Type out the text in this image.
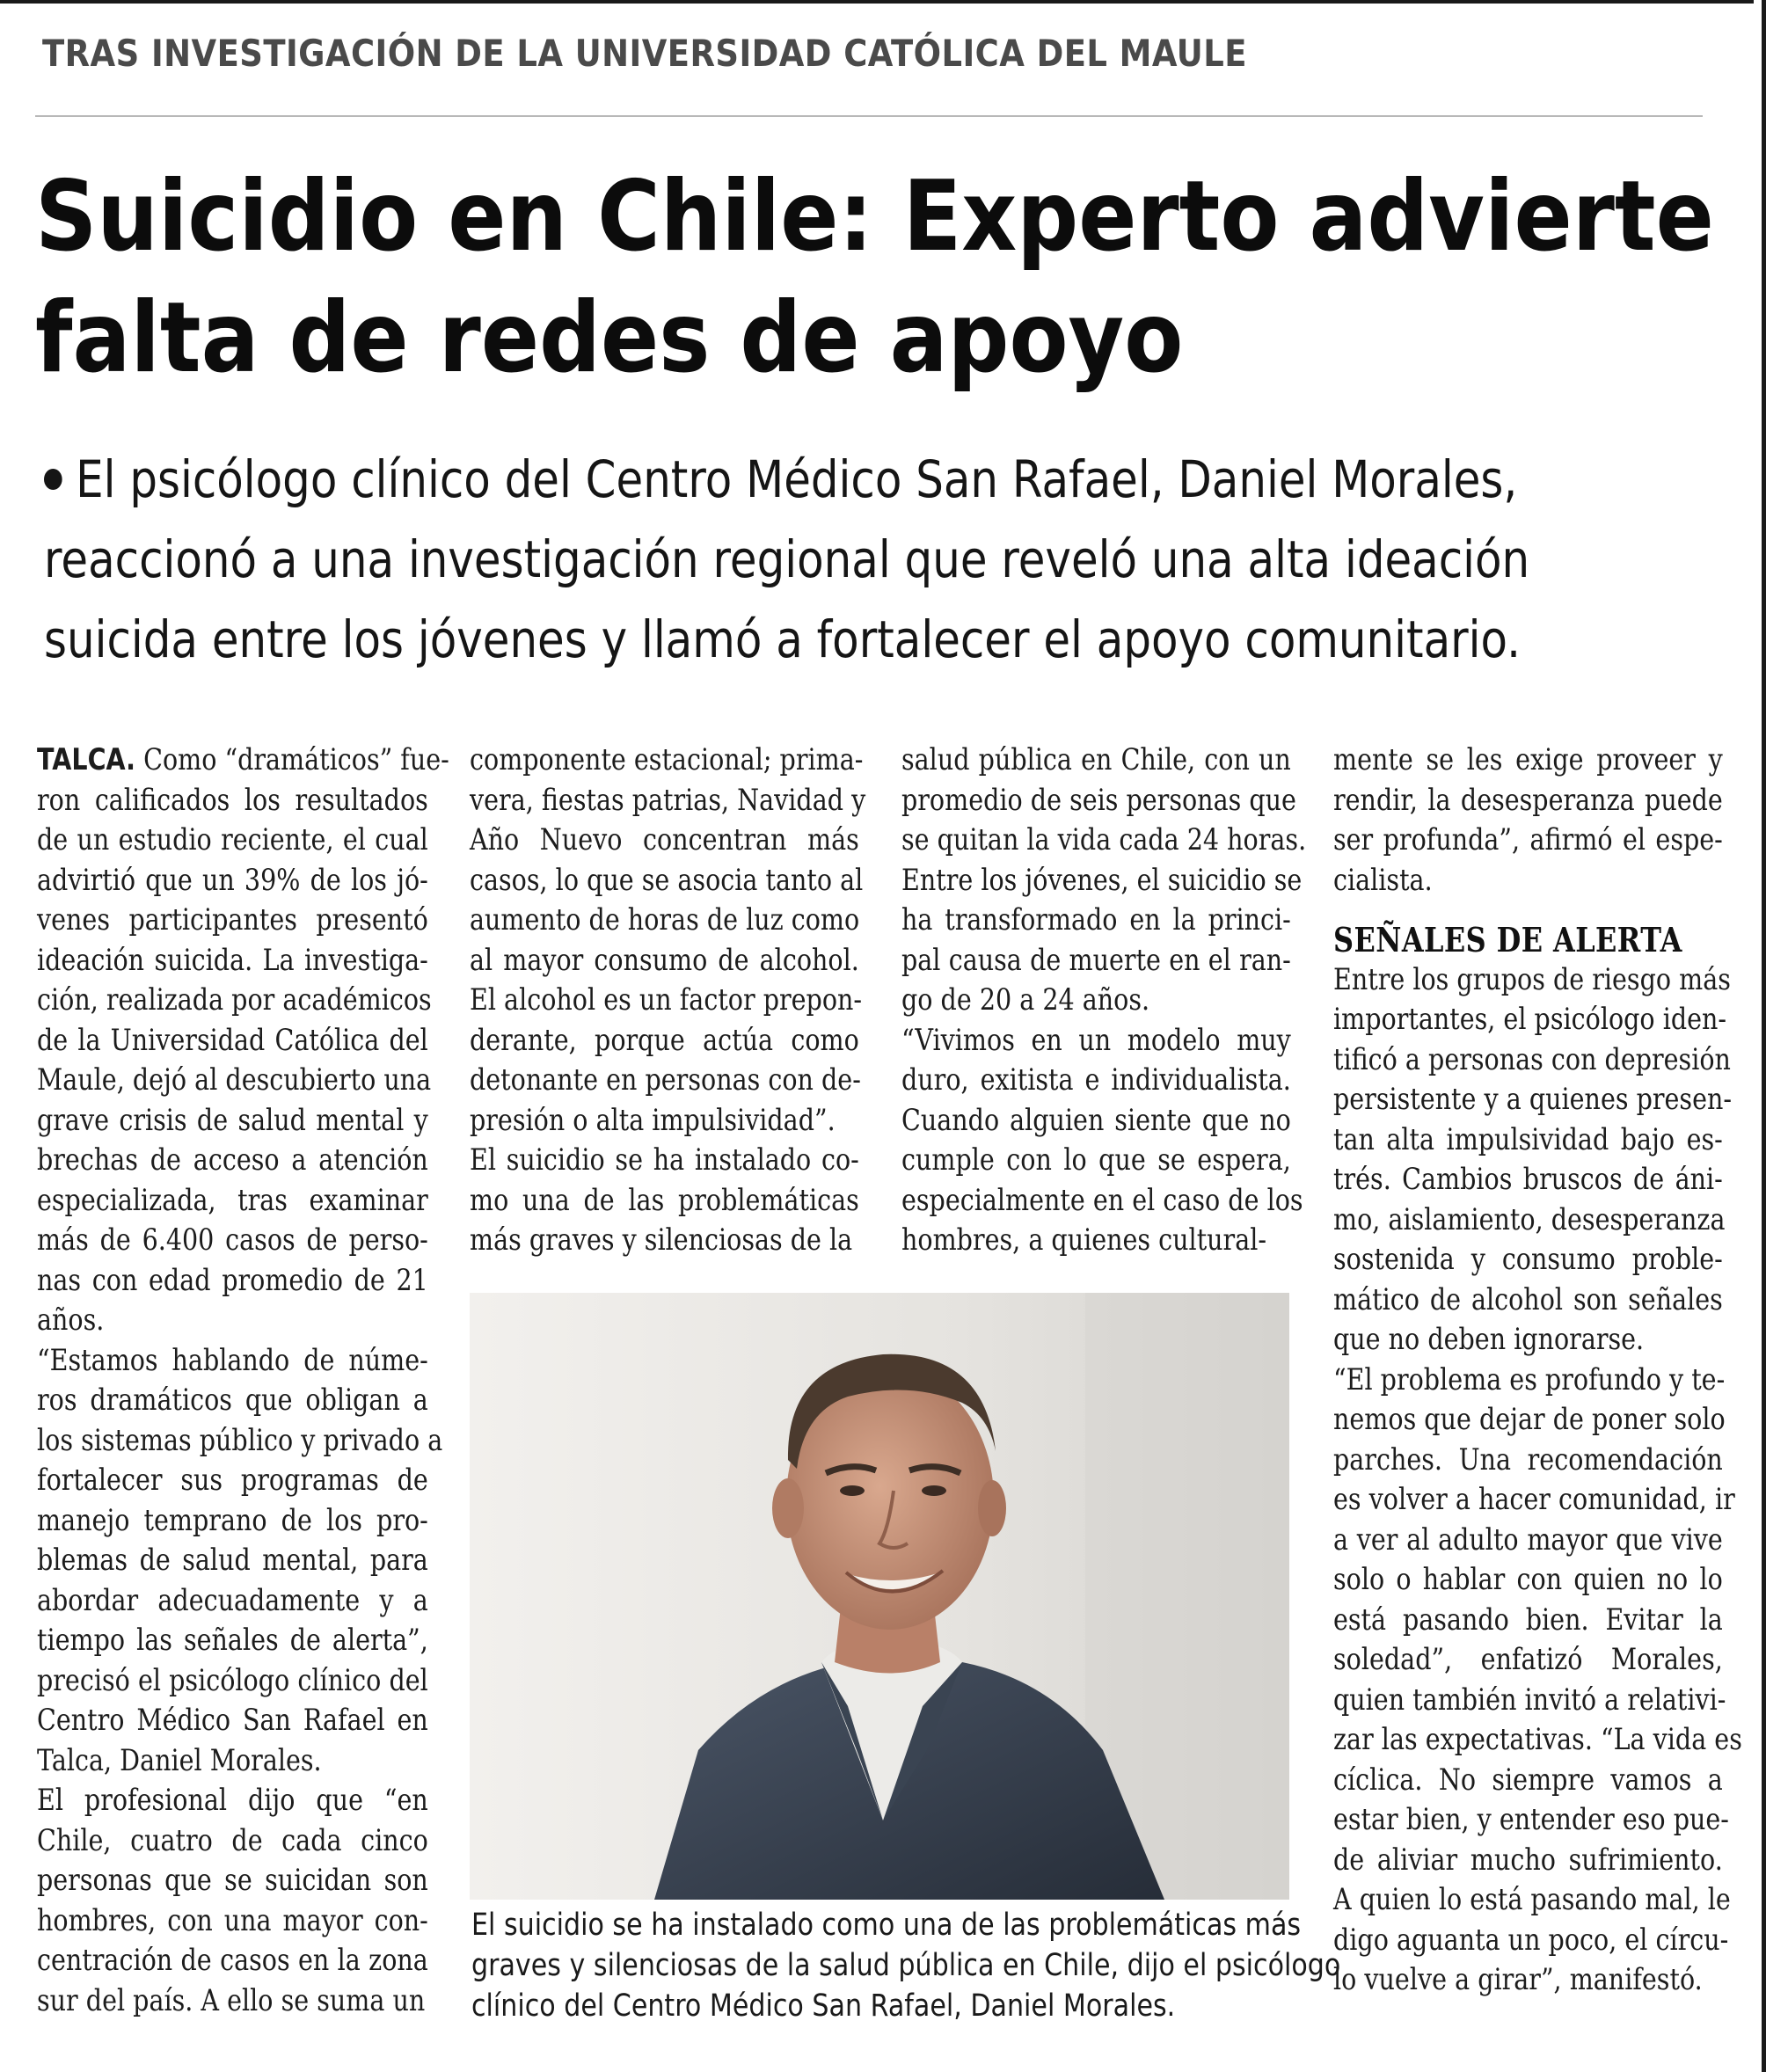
TRAS INVESTIGACIÓN DE LA UNIVERSIDAD CATÓLICA DEL MAULE
Suicidio en Chile: Experto advierte
falta de redes de apoyo
El psicólogo clínico del Centro Médico San Rafael, Daniel Morales,
reaccionó a una investigación regional que reveló una alta ideación
suicida entre los jóvenes y llamó a fortalecer el apoyo comunitario.
TALCA. Como “dramáticos” fue-
ron calificados los resultados
de un estudio reciente, el cual
advirtió que un 39% de los jó-
venes participantes presentó
ideación suicida. La investiga-
ción, realizada por académicos
de la Universidad Católica del
Maule, dejó al descubierto una
grave crisis de salud mental y
brechas de acceso a atención
especializada, tras examinar
más de 6.400 casos de perso-
nas con edad promedio de 21
años.
“Estamos hablando de núme-
ros dramáticos que obligan a
los sistemas público y privado a
fortalecer sus programas de
manejo temprano de los pro-
blemas de salud mental, para
abordar adecuadamente y a
tiempo las señales de alerta”,
precisó el psicólogo clínico del
Centro Médico San Rafael en
Talca, Daniel Morales.
El profesional dijo que “en
Chile, cuatro de cada cinco
personas que se suicidan son
hombres, con una mayor con-
centración de casos en la zona
sur del país. A ello se suma un
componente estacional; prima-
vera, fiestas patrias, Navidad y
Año Nuevo concentran más
casos, lo que se asocia tanto al
aumento de horas de luz como
al mayor consumo de alcohol.
El alcohol es un factor prepon-
derante, porque actúa como
detonante en personas con de-
presión o alta impulsividad”.
El suicidio se ha instalado co-
mo una de las problemáticas
más graves y silenciosas de la
salud pública en Chile, con un
promedio de seis personas que
se quitan la vida cada 24 horas.
Entre los jóvenes, el suicidio se
ha transformado en la princi-
pal causa de muerte en el ran-
go de 20 a 24 años.
“Vivimos en un modelo muy
duro, exitista e individualista.
Cuando alguien siente que no
cumple con lo que se espera,
especialmente en el caso de los
hombres, a quienes cultural-
mente se les exige proveer y
rendir, la desesperanza puede
ser profunda”, afirmó el espe-
cialista.
SEÑALES DE ALERTA
Entre los grupos de riesgo más
importantes, el psicólogo iden-
tificó a personas con depresión
persistente y a quienes presen-
tan alta impulsividad bajo es-
trés. Cambios bruscos de áni-
mo, aislamiento, desesperanza
sostenida y consumo proble-
mático de alcohol son señales
que no deben ignorarse.
“El problema es profundo y te-
nemos que dejar de poner solo
parches. Una recomendación
es volver a hacer comunidad, ir
a ver al adulto mayor que vive
solo o hablar con quien no lo
está pasando bien. Evitar la
soledad”, enfatizó Morales,
quien también invitó a relativi-
zar las expectativas. “La vida es
cíclica. No siempre vamos a
estar bien, y entender eso pue-
de aliviar mucho sufrimiento.
A quien lo está pasando mal, le
digo aguanta un poco, el círcu-
lo vuelve a girar”, manifestó.
El suicidio se ha instalado como una de las problemáticas más
graves y silenciosas de la salud pública en Chile, dijo el psicólogo
clínico del Centro Médico San Rafael, Daniel Morales.
